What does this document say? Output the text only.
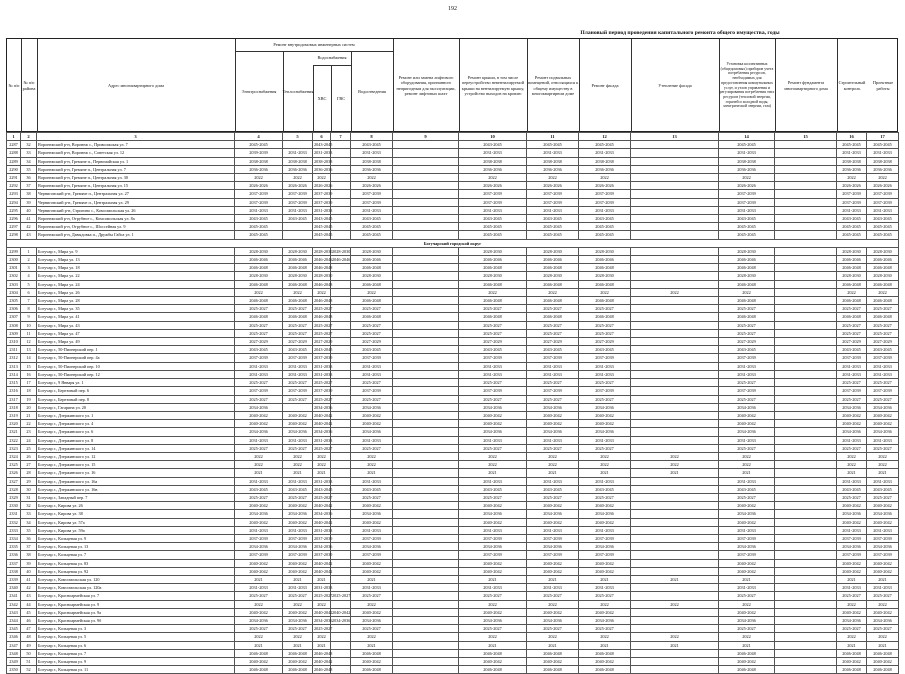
192
Плановый период проведения капитального ремонта общего имущества, годы
№ п/п
№ п/п района
Адрес многоквартирного дома
Ремонт внутридомовых инженерных систем
Электроснабжения	Теплоснабжения
Водоснабжения
ХВС	ГВС
Водоотведения
Ремонт или замена лифтового оборудования, признанного непригодным для эксплуатации, ремонт лифтовых шахт
Ремонт крыши, в том числе переустройство невентилируемой крыши на вентилируемую крышу, устройство выходов на кровлю
Ремонт подвальных помещений, относящихся к общему имуществу в многоквартирном доме
Ремонт фасада	Утепление фасада
Установка коллективных (общедомовых) приборов учета потребления ресурсов, необходимых для предоставления коммунальных услуг, и узлов управления и регулирования потребления этих ресурсов (тепловой энергии, горячей и холодной воды, электрической энергии, газа)
Ремонт фундамента многоквартирного дома
Строительный контроль
Проектные работы
1	2	3	4	5	6	7	8	9	10	11	12	13	14	15	16	17
2287	32	Воронежский р-н, Воронеж с., Приволжская ул. 7	2045-2045		2043-2045		2043-2045		2043-2045	2045-2045	2045-2045		2045-2045		2045-2045	2045-2045
2288	33	Воронежский р-н, Воронеж с., Советская ул. 12	2039-2039	2031-2033	2031-2033		2031-2033		2031-2033	2031-2033	2031-2033		2031-2033		2031-2033	2031-2033
2289	34	Воронежский р-н, Гремяче п., Первомайская ул. 1	2038-2038	2038-2038	2038-2038		2038-2038		2038-2038	2038-2038	2038-2038		2038-2038		2038-2038	2038-2038
2290	35	Воронежский р-н, Гремяче п., Центральная ул. 7	2036-2036	2036-2036	2036-2036		2036-2036		2036-2036	2036-2036	2036-2036		2036-2036		2036-2036	2036-2036
2291	36	Воронежский р-н, Гремяче п., Центральная ул. 30	2022	2022	2022		2022		2022	2022	2022		2022		2022	2022
2292	37	Воронежский р-н, Гремяче п., Центральная ул. 15	2026-2026	2026-2026	2026-2026		2026-2026		2026-2026	2026-2026	2026-2026		2026-2026		2026-2026	2026-2026
2293	38	Черниговский р-н, Гремяче п., Центральная ул. 27	2037-2039	2037-2039	2037-2039		2037-2039		2037-2039	2037-2039	2037-2039		2037-2039		2037-2039	2037-2039
2294	39	Черниговский р-н, Гремяче п., Центральная ул. 29	2037-2039	2037-2039	2037-2039		2037-2039		2037-2039	2037-2039	2037-2039		2037-2039		2037-2039	2037-2039
2295	40	Черниговский р-н, Стригино с., Комсомольская ул. 26	2031-2033	2031-2033	2031-2033		2031-2033		2031-2033	2031-2033	2031-2033		2031-2033		2031-2033	2031-2033
2296	41	Воронежский р-н, Отрубное с., Комсомольская ул. 8а	2043-2045	2043-2045	2043-2045		2043-2045		2043-2045	2043-2045	2043-2045		2043-2045		2043-2045	2043-2045
2297	42	Воронежский р-н, Отрубное с., Шоссейная ул. 9	2045-2045		2045-2045		2045-2045		2045-2045	2045-2045	2045-2045		2045-2045		2045-2045	2045-2045
2298	43	Воронежский р-н, Давыдовка п., Дружбы Гайса ул. 1	2045-2045		2045-2045		2045-2045		2045-2045	2045-2045	2045-2045		2045-2045		2045-2045	2045-2045
Богучарский городской округ																
2299	1	Богучар г., Мира ул. 9	2028-2030	2028-2030	2028-2030	2028-2030	2028-2030		2028-2030	2028-2030	2028-2030		2028-2030		2028-2030	2028-2030
2300	2	Богучар г., Мира ул. 13	2046-2046	2046-2046	2046-2046	2046-2046	2046-2046		2046-2046	2046-2046	2046-2046		2046-2046		2046-2046	2046-2046
2301	3	Богучар г., Мира ул. 18	2046-2048	2046-2048	2046-2048		2046-2048		2046-2048	2046-2048	2046-2048		2046-2048		2046-2048	2046-2048
2302	4	Богучар г., Мира ул. 22	2028-2030	2028-2030	2028-2030		2028-2030		2028-2030	2028-2030	2028-2030		2028-2030		2028-2030	2028-2030
2303	5	Богучар г., Мира ул. 24	2046-2048	2046-2048	2046-2048		2046-2048		2046-2048	2046-2048	2046-2048		2046-2048		2046-2048	2046-2048
2304	6	Богучар г., Мира ул. 26	2022	2022	2022		2022		2022	2022	2022	2022	2022		2022	2022
2305	7	Богучар г., Мира ул. 28	2046-2048	2046-2048	2046-2048		2046-2048		2046-2048	2046-2048	2046-2048		2046-2048		2046-2048	2046-2048
2306	8	Богучар г., Мира ул. 35	2025-2027	2025-2027	2025-2027		2025-2027		2025-2027	2025-2027	2025-2027		2025-2027		2025-2027	2025-2027
2307	9	Богучар г., Мира ул. 41	2046-2048	2046-2048	2046-2048		2046-2048		2046-2048	2046-2048	2046-2048		2046-2048		2046-2048	2046-2048
2308	10	Богучар г., Мира ул. 43	2025-2027	2025-2027	2025-2027		2025-2027		2025-2027	2025-2027	2025-2027		2025-2027		2025-2027	2025-2027
2309	11	Богучар г., Мира ул. 47	2025-2027	2025-2027	2025-2027		2025-2027		2025-2027	2025-2027	2025-2027		2025-2027		2025-2027	2025-2027
2310	12	Богучар г., Мира ул. 49	2027-2029	2027-2029	2027-2029		2027-2029		2027-2029	2027-2029	2027-2029		2027-2029		2027-2029	2027-2029
2311	13	Богучар г., 50-Пионерский пер. 1	2043-2045	2043-2045	2043-2045		2043-2045		2043-2045	2043-2045	2043-2045		2043-2045		2043-2045	2043-2045
2312	14	Богучар г., 50-Пионерский пер. 4а	2037-2039	2037-2039	2037-2039		2037-2039		2037-2039	2037-2039	2037-2039		2037-2039		2037-2039	2037-2039
2313	15	Богучар г., 50-Пионерский пер. 10	2031-2033	2031-2033	2031-2033		2031-2033		2031-2033	2031-2033	2031-2033		2031-2033		2031-2033	2031-2033
2314	16	Богучар г., 50-Пионерский пер. 12	2031-2033	2031-2033	2031-2033		2031-2033		2031-2033	2031-2033	2031-2033		2031-2033		2031-2033	2031-2033
2315	17	Богучар г., 9 Января ул. 1	2025-2027	2025-2027	2025-2027		2025-2027		2025-2027	2025-2027	2025-2027		2025-2027		2025-2027	2025-2027
2316	18	Богучар г., Березовый пер. 6	2037-2039	2037-2039	2037-2039		2037-2039		2037-2039	2037-2039	2037-2039		2037-2039		2037-2039	2037-2039
2317	19	Богучар г., Березовый пер. 8	2025-2027	2025-2027	2025-2027		2025-2027		2025-2027	2025-2027	2025-2027		2025-2027		2025-2027	2025-2027
2318	20	Богучар г., Гагарина ул. 20	2034-2036		2034-2036		2034-2036		2034-2036	2034-2036	2034-2036		2034-2036		2034-2036	2034-2036
2319	21	Богучар г., Дзержинского ул. 1	2040-2042	2040-2042	2040-2042		2040-2042		2040-2042	2040-2042	2040-2042		2040-2042		2040-2042	2040-2042
2320	22	Богучар г., Дзержинского ул. 4	2040-2042	2040-2042	2040-2042		2040-2042		2040-2042	2040-2042	2040-2042		2040-2042		2040-2042	2040-2042
2321	23	Богучар г., Дзержинского ул. 6	2034-2036	2034-2036	2034-2036		2034-2036		2034-2036	2034-2036	2034-2036		2034-2036		2034-2036	2034-2036
2322	24	Богучар г., Дзержинского ул. 8	2031-2033	2031-2033	2031-2033		2031-2033		2031-2033	2031-2033	2031-2033		2031-2033		2031-2033	2031-2033
2323	25	Богучар г., Дзержинского ул. 14	2025-2027	2025-2027	2025-2027		2025-2027		2025-2027	2025-2027	2025-2027		2025-2027		2025-2027	2025-2027
2324	26	Богучар г., Дзержинского ул. 12	2022	2022	2022		2022		2022	2022	2022	2022	2022		2022	2022
2325	27	Богучар г., Дзержинского ул. 15	2022	2022	2022		2022		2022	2022	2022	2022	2022		2022	2022
2326	28	Богучар г., Дзержинского ул. 16	2021	2021	2021		2021		2021	2021	2021	2021	2021		2021	2021
2327	29	Богучар г., Дзержинского ул. 16а	2031-2033	2031-2033	2031-2033		2031-2033		2031-2033	2031-2033	2031-2033		2031-2033		2031-2033	2031-2033
2328	30	Богучар г., Дзержинского ул. 16в	2043-2045	2043-2045	2043-2045		2043-2045		2043-2045	2043-2045	2043-2045		2043-2045		2043-2045	2043-2045
2329	31	Богучар г., Западный пер. 7	2025-2027	2025-2027	2025-2027		2025-2027		2025-2027	2025-2027	2025-2027		2025-2027		2025-2027	2025-2027
2330	32	Богучар г., Кирова ул. 26	2040-2042	2040-2042	2040-2042		2040-2042		2040-2042	2040-2042	2040-2042		2040-2042		2040-2042	2040-2042
2331	33	Богучар г., Кирова ул. 38	2034-2036	2034-2036	2034-2036		2034-2036		2034-2036	2034-2036	2034-2036		2034-2036		2034-2036	2034-2036
2332	34	Богучар г., Кирова ул. 57а	2040-2042	2040-2042	2040-2042		2040-2042		2040-2042	2040-2042	2040-2042		2040-2042		2040-2042	2040-2042
2333	35	Богучар г., Кирова ул. 59а	2031-2033	2031-2033	2031-2033		2031-2033		2031-2033	2031-2033	2031-2033		2031-2033		2031-2033	2031-2033
2334	36	Богучар г., Кольцевая ул. 9	2037-2039	2037-2039	2037-2039		2037-2039		2037-2039	2037-2039	2037-2039		2037-2039		2037-2039	2037-2039
2335	37	Богучар г., Кольцевая ул. 13	2034-2036	2034-2036	2034-2036		2034-2036		2034-2036	2034-2036	2034-2036		2034-2036		2034-2036	2034-2036
2336	38	Богучар г., Кольцевая ул. 7	2037-2039	2037-2039	2037-2039		2037-2039		2037-2039	2037-2039	2037-2039		2037-2039		2037-2039	2037-2039
2337	39	Богучар г., Кольцевая ул. 83	2040-2042	2040-2042	2040-2042		2040-2042		2040-2042	2040-2042	2040-2042		2040-2042		2040-2042	2040-2042
2338	40	Богучар г., Кольцевая ул. 92	2040-2042	2040-2042	2040-2042		2040-2042		2040-2042	2040-2042	2040-2042		2040-2042		2040-2042	2040-2042
2339	41	Богучар г., Комсомольская ул. 120	2021	2021	2021		2021		2021	2021	2021	2021	2021		2021	2021
2340	42	Богучар г., Комсомольская ул. 120а	2031-2033	2031-2033	2031-2033		2031-2033		2031-2033	2031-2033	2031-2033		2031-2033		2031-2033	2031-2033
2341	43	Богучар г., Красноармейская ул. 7	2025-2027	2025-2027	2025-2027	2025-2027	2025-2027		2025-2027	2025-2027	2025-2027		2025-2027		2025-2027	2025-2027
2342	44	Богучар г., Красноармейская ул. 9	2022	2022	2022		2022		2022	2022	2022	2022	2022		2022	2022
2343	45	Богучар г., Красноармейская ул. 9а	2040-2042	2040-2042	2040-2042	2040-2042	2040-2042		2040-2042	2040-2042	2040-2042		2040-2042		2040-2042	2040-2042
2344	46	Богучар г., Красноармейская ул. 9б	2034-2036	2034-2036	2034-2036	2034-2036	2034-2036		2034-2036	2034-2036	2034-2036		2034-2036		2034-2036	2034-2036
2345	47	Богучар г., Кольцевая ул. 3	2025-2027	2025-2027	2025-2027		2025-2027		2025-2027	2025-2027	2025-2027		2025-2027		2025-2027	2025-2027
2346	48	Богучар г., Кольцевая ул. 5	2022	2022	2022		2022		2022	2022	2022	2022	2022		2022	2022
2347	49	Богучар г., Кольцевая ул. 6	2021	2021	2021		2021		2021	2021	2021	2021	2021		2021	2021
2348	50	Богучар г., Кольцевая ул. 7	2046-2048	2046-2048	2046-2048		2046-2048		2046-2048	2046-2048	2046-2048		2046-2048		2046-2048	2046-2048
2349	51	Богучар г., Кольцевая ул. 9	2040-2042	2040-2042	2040-2042		2040-2042		2040-2042	2040-2042	2040-2042		2040-2042		2040-2042	2040-2042
2350	52	Богучар г., Кольцевая ул. 11	2046-2048	2046-2048	2046-2048		2046-2048		2046-2048	2046-2048	2046-2048		2046-2048		2046-2048	2046-2048
